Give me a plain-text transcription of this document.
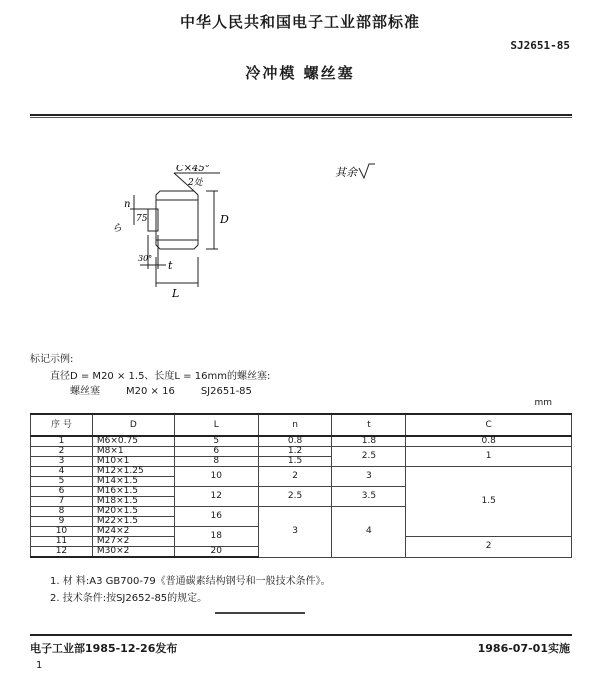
中华人民共和国电子工业部部标准
SJ2651-85
冷冲模 螺丝塞
C×45°
2处
D
L
t
n
75
ら
30°
其余
标记示例:
直径D = M20 × 1.5、长度L = 16mm的螺丝塞:
螺丝塞	M20 × 16	SJ2651-85
mm
序 号	D	L	n	t	C
1	M6×0.75	5	0.8	1.8	0.8
2	M8×1	6	1.2	2.5	1
3	M10×1	8	1.5		
4	M12×1.25	10	2	3	1.5
5	M14×1.5				
6	M16×1.5	12	2.5	3.5	
7	M18×1.5				
8	M20×1.5	16	3	4	
9	M22×1.5				
10	M24×2	18			
11	M27×2				2
12	M30×2	20			
1. 材 料:A3 GB700-79《普通碳素结构钢号和一般技术条件》。
2. 技术条件:按SJ2652-85的规定。
电子工业部1985-12-26发布	1986-07-01实施
1
